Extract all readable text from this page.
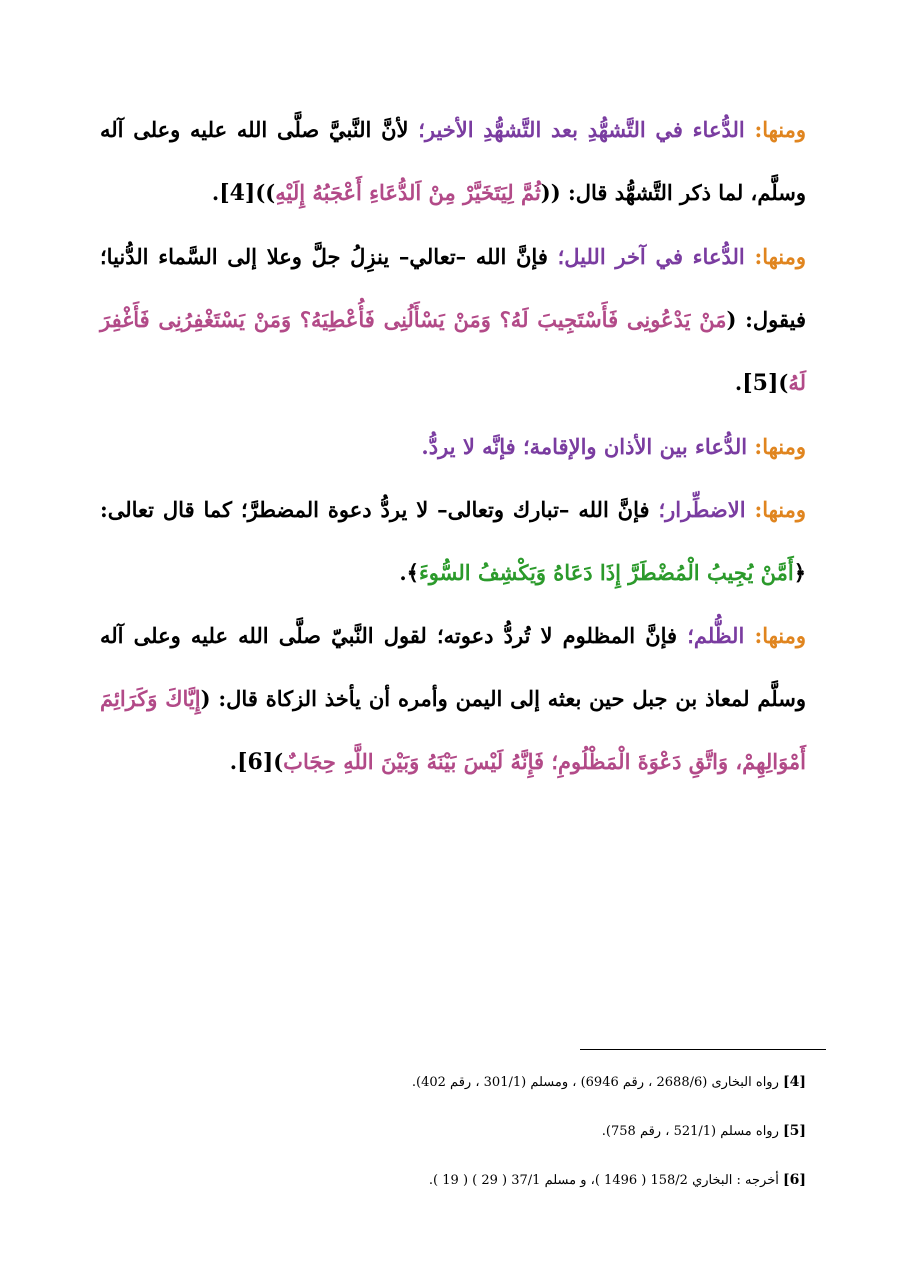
ومنها: الدُّعاء في التَّشهُّدِ بعد التَّشهُّدِ الأخير؛ لأنَّ النَّبيَّ صلَّى الله عليه وعلى آله وسلَّم، لما ذكر التَّشهُّد قال: ((ثُمَّ لِيَتَخَيَّرْ مِنْ اَلدُّعَاءِ أَعْجَبُهُ إِلَيْهِ))[4].

ومنها: الدُّعاء في آخر الليل؛ فإنَّ الله –تعالي– ينزِلُ جلَّ وعلا إلى السَّماء الدُّنيا؛ فيقول: (مَنْ يَدْعُونِى فَأَسْتَجِيبَ لَهُ؟ وَمَنْ يَسْأَلُنِى فَأُعْطِيَهُ؟ وَمَنْ يَسْتَغْفِرُنِى فَأَغْفِرَ لَهُ)[5].

ومنها: الدُّعاء بين الأذان والإقامة؛ فإنَّه لا يردُّ.

ومنها: الاضطِّرار؛ فإنَّ الله –تبارك وتعالى– لا يردُّ دعوة المضطرَّ؛ كما قال تعالى: ﴿أَمَّنْ يُجِيبُ الْمُضْطَرَّ إِذَا دَعَاهُ وَيَكْشِفُ السُّوءَ﴾.

ومنها: الظُّلم؛ فإنَّ المظلوم لا تُردُّ دعوته؛ لقول النَّبيّ صلَّى الله عليه وعلى آله وسلَّم لمعاذ بن جبل حين بعثه إلى اليمن وأمره أن يأخذ الزكاة قال: (إِيَّاكَ وَكَرَائِمَ أَمْوَالِهِمْ، وَاتَّقِ دَعْوَةَ الْمَظْلُومِ؛ فَإِنَّهُ لَيْسَ بَيْنَهُ وَبَيْنَ اللَّهِ حِجَابٌ)[6].

[4] رواه البخارى (2688/6 ، رقم 6946) ، ومسلم (301/1 ، رقم 402).

[5] رواه مسلم (521/1 ، رقم 758).

[6] أخرجه : البخاري 158/2 ( 1496 )، و مسلم 37/1 ( 29 ) ( 19 ).
